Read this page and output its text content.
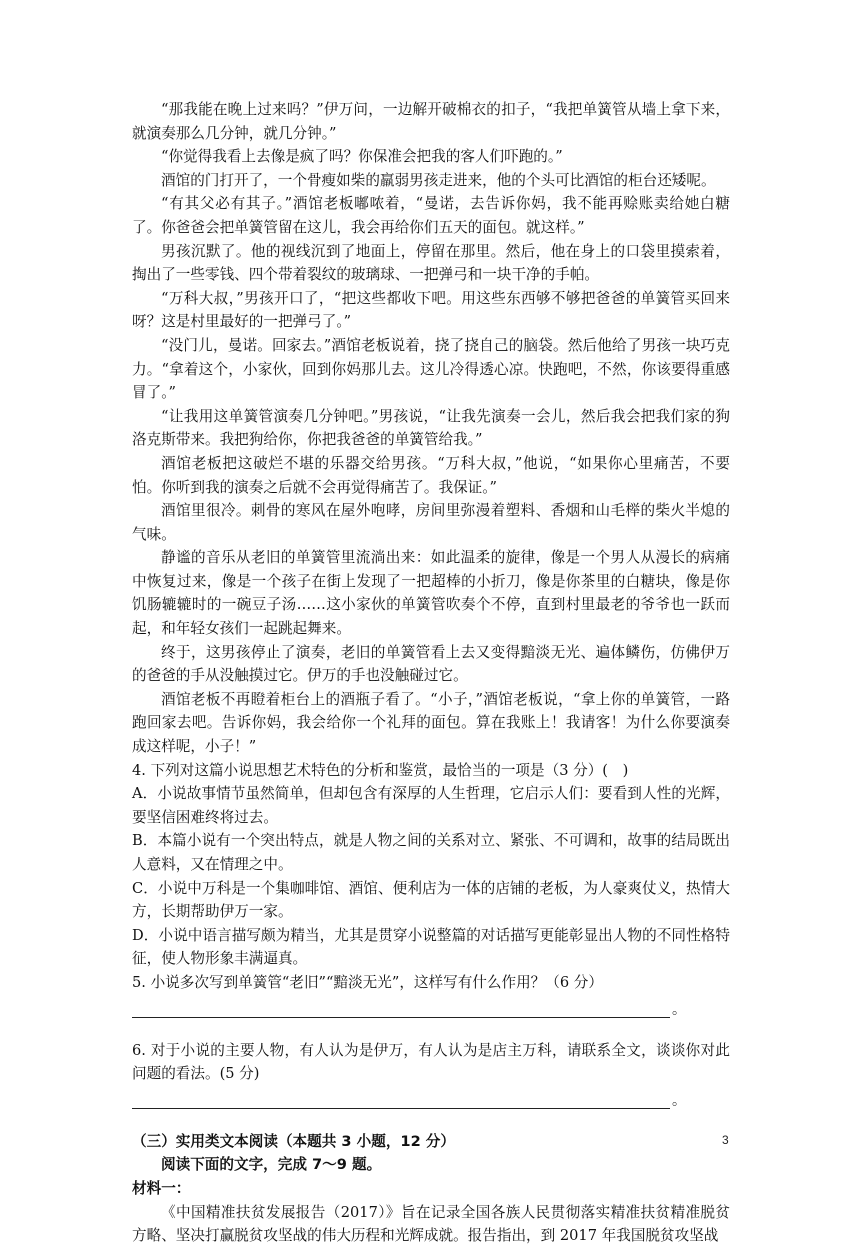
“那我能在晚上过来吗？”伊万问，一边解开破棉衣的扣子，“我把单簧管从墙上拿下来，就演奏那么几分钟，就几分钟。”

“你觉得我看上去像是疯了吗？你保准会把我的客人们吓跑的。”

酒馆的门打开了，一个骨瘦如柴的羸弱男孩走进来，他的个头可比酒馆的柜台还矮呢。

“有其父必有其子。”酒馆老板嘟哝着，“曼诺，去告诉你妈，我不能再赊账卖给她白糖了。你爸爸会把单簧管留在这儿，我会再给你们五天的面包。就这样。”

男孩沉默了。他的视线沉到了地面上，停留在那里。然后，他在身上的口袋里摸索着，掏出了一些零钱、四个带着裂纹的玻璃球、一把弹弓和一块干净的手帕。

“万科大叔，”男孩开口了，“把这些都收下吧。用这些东西够不够把爸爸的单簧管买回来呀？这是村里最好的一把弹弓了。”

“没门儿，曼诺。回家去。”酒馆老板说着，挠了挠自己的脑袋。然后他给了男孩一块巧克力。“拿着这个，小家伙，回到你妈那儿去。这儿冷得透心凉。快跑吧，不然，你该要得重感冒了。”

“让我用这单簧管演奏几分钟吧。”男孩说，“让我先演奏一会儿，然后我会把我们家的狗洛克斯带来。我把狗给你，你把我爸爸的单簧管给我。”

酒馆老板把这破烂不堪的乐器交给男孩。“万科大叔，”他说，“如果你心里痛苦，不要怕。你听到我的演奏之后就不会再觉得痛苦了。我保证。”

酒馆里很冷。刺骨的寒风在屋外咆哮，房间里弥漫着塑料、香烟和山毛榉的柴火半熄的气味。

静谧的音乐从老旧的单簧管里流淌出来：如此温柔的旋律，像是一个男人从漫长的病痛中恢复过来，像是一个孩子在街上发现了一把超棒的小折刀，像是你茶里的白糖块，像是你饥肠辘辘时的一碗豆子汤……这小家伙的单簧管吹奏个不停，直到村里最老的爷爷也一跃而起，和年轻女孩们一起跳起舞来。

终于，这男孩停止了演奏，老旧的单簧管看上去又变得黯淡无光、遍体鳞伤，仿佛伊万的爸爸的手从没触摸过它。伊万的手也没触碰过它。

酒馆老板不再瞪着柜台上的酒瓶子看了。“小子，”酒馆老板说，“拿上你的单簧管，一路跑回家去吧。告诉你妈，我会给你一个礼拜的面包。算在我账上！我请客！为什么你要演奏成这样呢，小子！”

4. 下列对这篇小说思想艺术特色的分析和鉴赏，最恰当的一项是（3 分）(　)

A．小说故事情节虽然简单，但却包含有深厚的人生哲理，它启示人们：要看到人性的光辉，要坚信困难终将过去。

B．本篇小说有一个突出特点，就是人物之间的关系对立、紧张、不可调和，故事的结局既出人意料，又在情理之中。

C．小说中万科是一个集咖啡馆、酒馆、便利店为一体的店铺的老板，为人豪爽仗义，热情大方，长期帮助伊万一家。

D．小说中语言描写颇为精当，尤其是贯穿小说整篇的对话描写更能彰显出人物的不同性格特征，使人物形象丰满逼真。

5. 小说多次写到单簧管“老旧”“黯淡无光”，这样写有什么作用？（6 分）

。

6. 对于小说的主要人物，有人认为是伊万，有人认为是店主万科，请联系全文，谈谈你对此问题的看法。(5 分)

。

（三）实用类文本阅读（本题共 3 小题，12 分）

阅读下面的文字，完成 7～9 题。

材料一：

《中国精准扶贫发展报告（2017）》旨在记录全国各族人民贯彻落实精准扶贫精准脱贫方略、坚决打赢脱贫攻坚战的伟大历程和光辉成就。报告指出，到 2017 年我国脱贫攻坚战

3
